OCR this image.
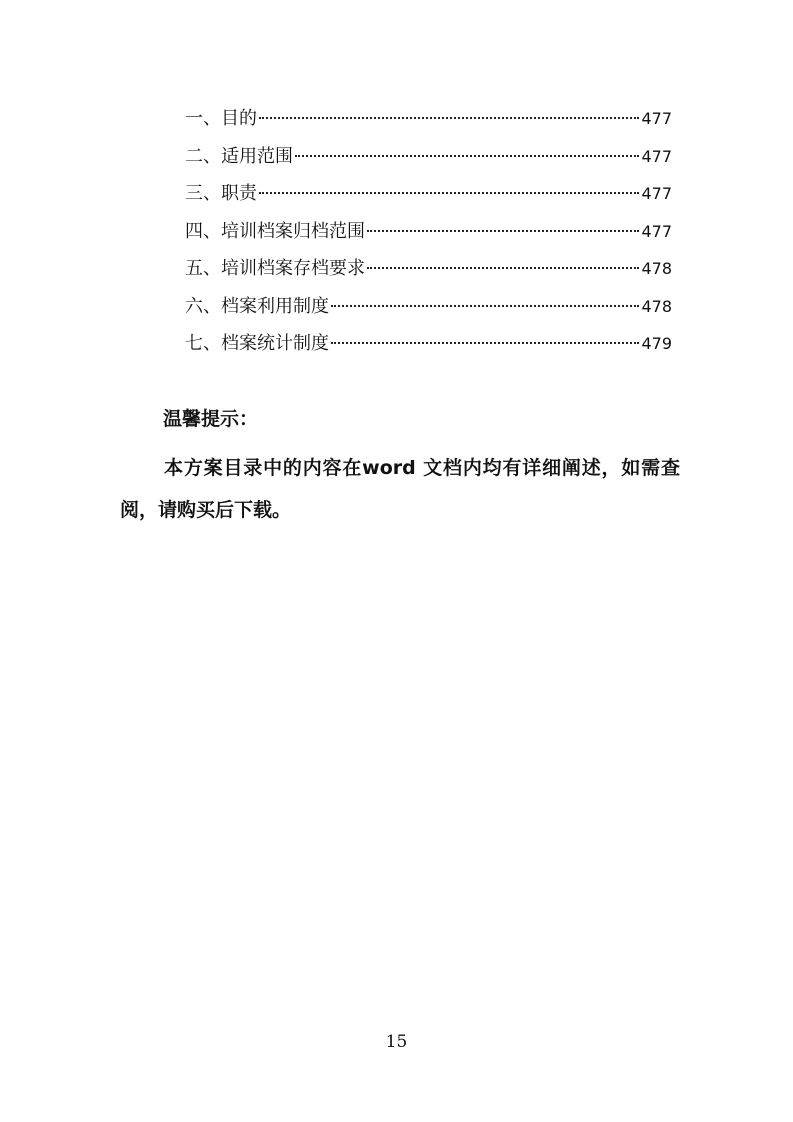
一、目的	477
二、适用范围	477
三、职责	477
四、培训档案归档范围	477
五、培训档案存档要求	478
六、档案利用制度	478
七、档案统计制度	479

温馨提示：

本方案目录中的内容在word 文档内均有详细阐述，如需查阅，请购买后下载。

15
